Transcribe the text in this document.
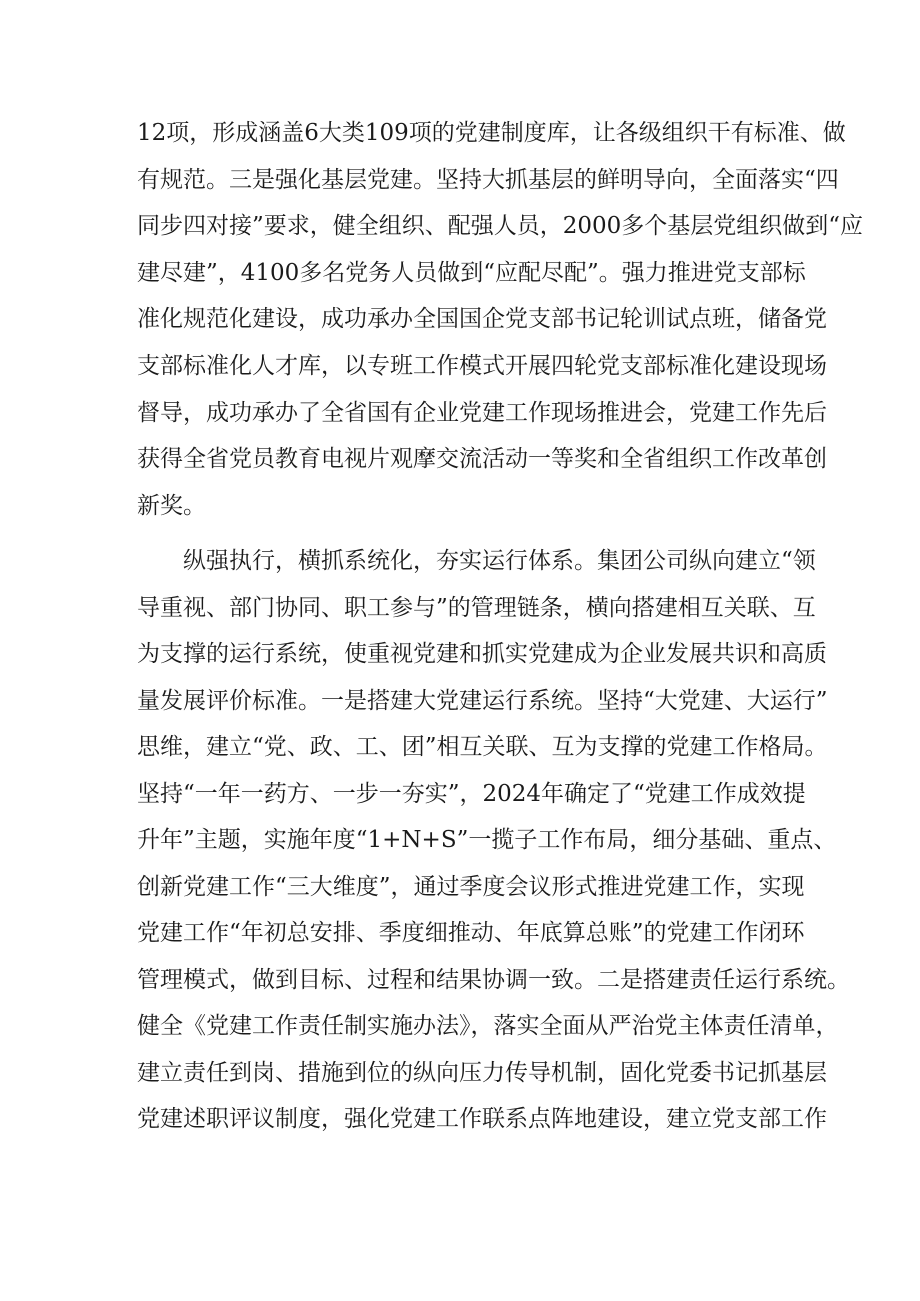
12项，形成涵盖6大类109项的党建制度库，让各级组织干有标准、做
有规范。三是强化基层党建。坚持大抓基层的鲜明导向，全面落实“四
同步四对接”要求，健全组织、配强人员，2000多个基层党组织做到“应
建尽建”，4100多名党务人员做到“应配尽配”。强力推进党支部标
准化规范化建设，成功承办全国国企党支部书记轮训试点班，储备党
支部标准化人才库，以专班工作模式开展四轮党支部标准化建设现场
督导，成功承办了全省国有企业党建工作现场推进会，党建工作先后
获得全省党员教育电视片观摩交流活动一等奖和全省组织工作改革创
新奖。
纵强执行，横抓系统化，夯实运行体系。集团公司纵向建立“领
导重视、部门协同、职工参与”的管理链条，横向搭建相互关联、互
为支撑的运行系统，使重视党建和抓实党建成为企业发展共识和高质
量发展评价标准。一是搭建大党建运行系统。坚持“大党建、大运行”
思维，建立“党、政、工、团”相互关联、互为支撑的党建工作格局。
坚持“一年一药方、一步一夯实”，2024年确定了“党建工作成效提
升年”主题，实施年度“1+N+S”一揽子工作布局，细分基础、重点、
创新党建工作“三大维度”，通过季度会议形式推进党建工作，实现
党建工作“年初总安排、季度细推动、年底算总账”的党建工作闭环
管理模式，做到目标、过程和结果协调一致。二是搭建责任运行系统。
健全《党建工作责任制实施办法》，落实全面从严治党主体责任清单，
建立责任到岗、措施到位的纵向压力传导机制，固化党委书记抓基层
党建述职评议制度，强化党建工作联系点阵地建设，建立党支部工作
